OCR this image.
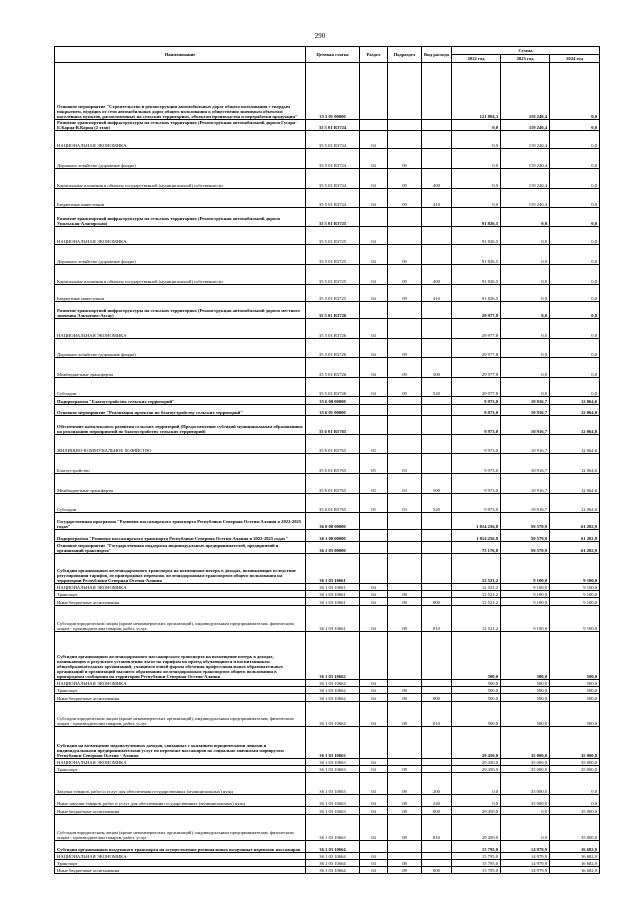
290
Наименование	Целевая статья	Раздел	Подраздел	Вид расхода	Сумма		
					2022 год	2023 год	2024 год
Основное мероприятие "Строительство и реконструкция автомобильных дорог общего пользования с твердым покрытием, ведущих от сети автомобильных дорог общего пользования к общественно значимым объектам населенных пунктов, расположенных на сельских территориях, объектам производства и переработки продукции"	35 5 01 00000				121 804,3	119 240,4	0,0
Развитие транспортной инфраструктуры на сельских территориях (Реконструкция автомобильной дороги Гусара-Е.Карца-В.Карца (2 этап)	35 5 01 R3724				0,0	119 240,4	0,0
НАЦИОНАЛЬНАЯ ЭКОНОМИКА	35 5 01 R3724	04			0,0	119 240,4	0,0
Дорожное хозяйство (дорожные фонды)	35 5 01 R3724	04	09		0,0	119 240,4	0,0
Капитальные вложения в объекты государственной (муниципальной) собственности	35 5 01 R3724	04	09	400	0,0	119 240,4	0,0
Бюджетные инвестиции	35 5 01 R3724	04	09	410	0,0	119 240,4	0,0
Развитие транспортной инфраструктуры на сельских территориях (Реконструкция автомобильной дороги Унальская-Алагирская)	35 5 01 R3725				91 826,5	0,0	0,0
НАЦИОНАЛЬНАЯ ЭКОНОМИКА	35 5 01 R3725	04			91 826,5	0,0	0,0
Дорожное хозяйство (дорожные фонды)	35 5 01 R3725	04	09		91 826,5	0,0	0,0
Капитальные вложения в объекты государственной (муниципальной) собственности	35 5 01 R3725	04	09	400	91 826,5	0,0	0,0
Бюджетные инвестиции	35 5 01 R3725	04	09	410	91 826,5	0,0	0,0
Развитие транспортной инфраструктуры на сельских территориях (Реконструкция автомобильной дороги местного значения Эльхотово-Ахсау)	35 5 01 R3726				29 977,8	0,0	0,0
НАЦИОНАЛЬНАЯ ЭКОНОМИКА	35 5 01 R3726	04			29 977,8	0,0	0,0
Дорожное хозяйство (дорожные фонды)	35 5 01 R3726	04	09		29 977,8	0,0	0,0
Межбюджетные трансферты	35 5 01 R3726	04	09	500	29 977,8	0,0	0,0
Субсидии	35 5 01 R3726	04	09	520	29 977,8	0,0	0,0
Подпрограмма "Благоустройство сельских территорий"	35 6 00 00000				9 973,0	10 916,7	12 064,0
Основное мероприятие "Реализация проектов по благоустройству сельских территорий"	35 6 01 00000				9 973,0	10 916,7	12 064,0
Обеспечение комплексного развития сельских территорий (Предоставление субсидий муниципальным образованиям на реализацию мероприятий по благоустройству сельских территорий)	35 6 01 R5765				9 973,0	10 916,7	12 064,0
ЖИЛИЩНО-КОММУНАЛЬНОЕ ХОЗЯЙСТВО	35 6 01 R5765	05			9 973,0	10 916,7	12 064,0
Благоустройство	35 6 01 R5765	05	03		9 973,0	10 916,7	12 064,0
Межбюджетные трансферты	35 6 01 R5765	05	03	500	9 973,0	10 916,7	12 064,0
Субсидии	35 6 01 R5765	05	03	520	9 973,0	10 916,7	12 064,0
Государственная программа "Развитие пассажирского транспорта Республики Северная Осетия-Алания в 2022-2025 годах"	36 0 00 00000				1 814 256,8	59 579,9	61 282,9
Подпрограмма "Развитие пассажирского транспорта Республики Северная Осетия-Алания в 2022-2025 годах"	36 1 00 00000				1 814 256,8	59 579,9	61 282,9
Основное мероприятие "Государственная поддержка индивидуальных предпринимателей, предприятий и организаций транспорта"	36 1 03 00000				75 176,8	59 579,9	61 282,9
Субсидии организациям железнодорожного транспорта на возмещение потерь в доходах, возникающих вследствие регулирования тарифов, от пригородных перевозок железнодорожным транспортом общего пользования на территории Республики Северная Осетия-Алания	36 1 03 10661				12 521,2	9 100,0	9 100,0
НАЦИОНАЛЬНАЯ ЭКОНОМИКА	36 1 03 10661	04			12 521,2	9 100,0	9 100,0
Транспорт	36 1 03 10661	04	08		12 521,2	9 100,0	9 100,0
Иные бюджетные ассигнования	36 1 03 10661	04	08	800	12 521,2	9 100,0	9 100,0
Субсидии юридическим лицам (кроме некоммерческих организаций), индивидуальным предпринимателям, физическим лицам - производителям товаров, работ, услуг	36 1 03 10661	04	08	810	12 521,2	9 100,0	9 100,0
Субсидии организациям железнодорожного пассажирского транспорта на возмещение потерь в доходах, возникающих в результате установления льгот по тарифам на проезд обучающимся и воспитанникам общеобразовательных организаций, учащимся очной формы обучения профессиональных образовательных организаций и организаций высшего образования железнодорожным транспортом общего пользования в пригородном сообщении на территории Республики Северная Осетия-Алания	36 1 03 10662				500,0	500,0	500,0
НАЦИОНАЛЬНАЯ ЭКОНОМИКА	36 1 03 10662	04			500,0	500,0	500,0
Транспорт	36 1 03 10662	04	08		500,0	500,0	500,0
Иные бюджетные ассигнования	36 1 03 10662	04	08	800	500,0	500,0	500,0
Субсидии юридическим лицам (кроме некоммерческих организаций), индивидуальным предпринимателям, физическим лицам - производителям товаров, работ, услуг	36 1 03 10662	04	08	810	500,0	500,0	500,0
Субсидии на возмещение недополученных доходов, связанных с оказанием юридическими лицами и индивидуальными предпринимателями услуг по перевозке пассажиров по социально значимым маршрутам Республики Северная Осетия - Алания	36 1 03 10663				29 450,0	35 000,0	35 000,0
НАЦИОНАЛЬНАЯ ЭКОНОМИКА	36 1 03 10663	04			29 450,0	35 000,0	35 000,0
Транспорт	36 1 03 10663	04	08		29 450,0	35 000,0	35 000,0
Закупка товаров, работ и услуг для обеспечения государственных (муниципальных) нужд	36 1 03 10663	04	08	200	0,0	35 000,0	0,0
Иные закупки товаров, работ и услуг для обеспечения государственных (муниципальных) нужд	36 1 03 10663	04	08	240	0,0	35 000,0	0,0
Иные бюджетные ассигнования	36 1 03 10663	04	08	800	29 450,0	0,0	35 000,0
Субсидии юридическим лицам (кроме некоммерческих организаций), индивидуальным предпринимателям, физическим лицам - производителям товаров, работ, услуг	36 1 03 10663	04	08	810	29 450,0	0,0	35 000,0
Субсидии организациям воздушного транспорта на осуществление региональных воздушных перевозок пассажиров	36 1 03 10664				15 795,0	14 979,9	16 682,9
НАЦИОНАЛЬНАЯ ЭКОНОМИКА	36 1 03 10664	04			15 795,0	14 979,9	16 682,9
Транспорт	36 1 03 10664	04	08		15 795,0	14 979,9	16 682,9
Иные бюджетные ассигнования	36 1 03 10664	04	08	800	15 795,0	14 979,9	16 682,9
